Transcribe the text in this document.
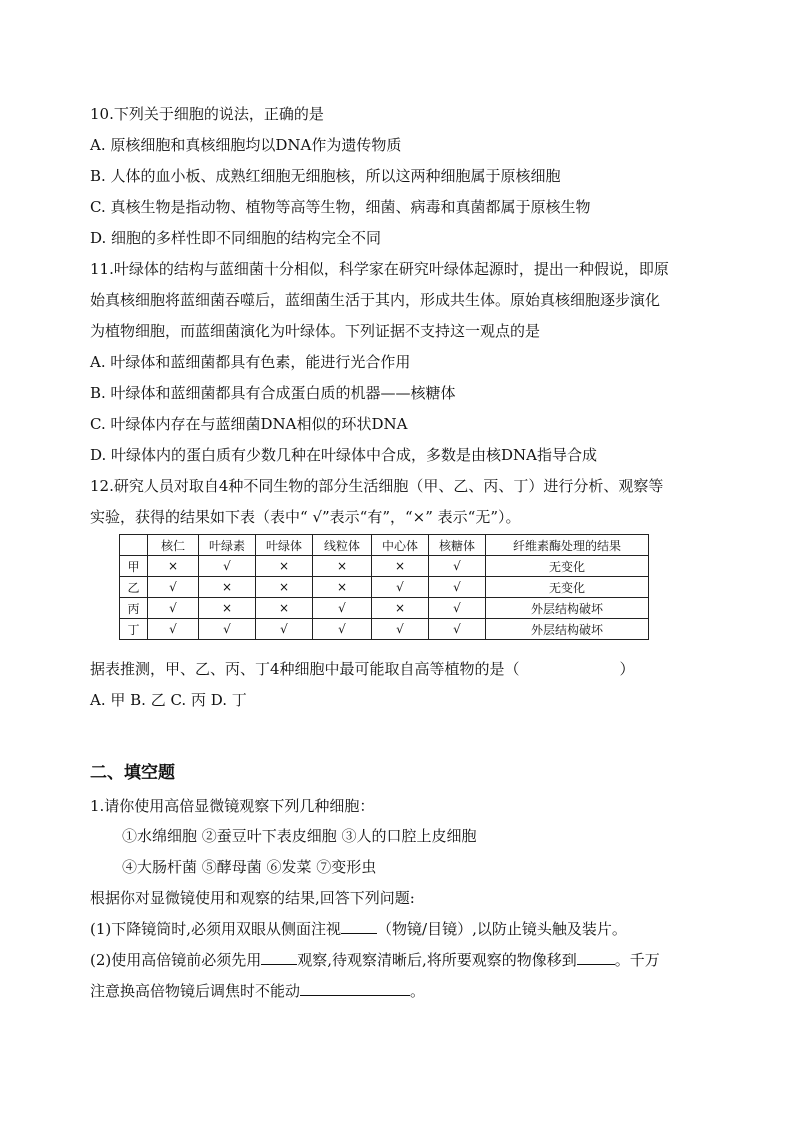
10.下列关于细胞的说法，正确的是
A. 原核细胞和真核细胞均以DNA作为遗传物质
B. 人体的血小板、成熟红细胞无细胞核，所以这两种细胞属于原核细胞
C. 真核生物是指动物、植物等高等生物，细菌、病毒和真菌都属于原核生物
D. 细胞的多样性即不同细胞的结构完全不同
11.叶绿体的结构与蓝细菌十分相似，科学家在研究叶绿体起源时，提出一种假说，即原
始真核细胞将蓝细菌吞噬后，蓝细菌生活于其内，形成共生体。原始真核细胞逐步演化
为植物细胞，而蓝细菌演化为叶绿体。下列证据不支持这一观点的是
A. 叶绿体和蓝细菌都具有色素，能进行光合作用
B. 叶绿体和蓝细菌都具有合成蛋白质的机器——核糖体
C. 叶绿体内存在与蓝细菌DNA相似的环状DNA
D. 叶绿体内的蛋白质有少数几种在叶绿体中合成，多数是由核DNA指导合成
12.研究人员对取自4种不同生物的部分生活细胞（甲、乙、丙、丁）进行分析、观察等
实验，获得的结果如下表（表中“ √”表示“有”，“×” 表示“无”）。
	核仁	叶绿素	叶绿体	线粒体	中心体	核糖体	纤维素酶处理的结果
甲	×	√	×	×	×	√	无变化
乙	√	×	×	×	√	√	无变化
丙	√	×	×	√	×	√	外层结构破坏
丁	√	√	√	√	√	√	外层结构破坏
据表推测，甲、乙、丙、丁4种细胞中最可能取自高等植物的是（	）
A. 甲 B. 乙 C. 丙 D. 丁
二、填空题
1.请你使用高倍显微镜观察下列几种细胞：
①水绵细胞 ②蚕豆叶下表皮细胞 ③人的口腔上皮细胞
④大肠杆菌 ⑤酵母菌 ⑥发菜 ⑦变形虫
根据你对显微镜使用和观察的结果,回答下列问题:
(1)下降镜筒时,必须用双眼从侧面注视 （物镜/目镜）,以防止镜头触及装片。
(2)使用高倍镜前必须先用 观察,待观察清晰后,将所要观察的物像移到	。千万
注意换高倍物镜后调焦时不能动	。
